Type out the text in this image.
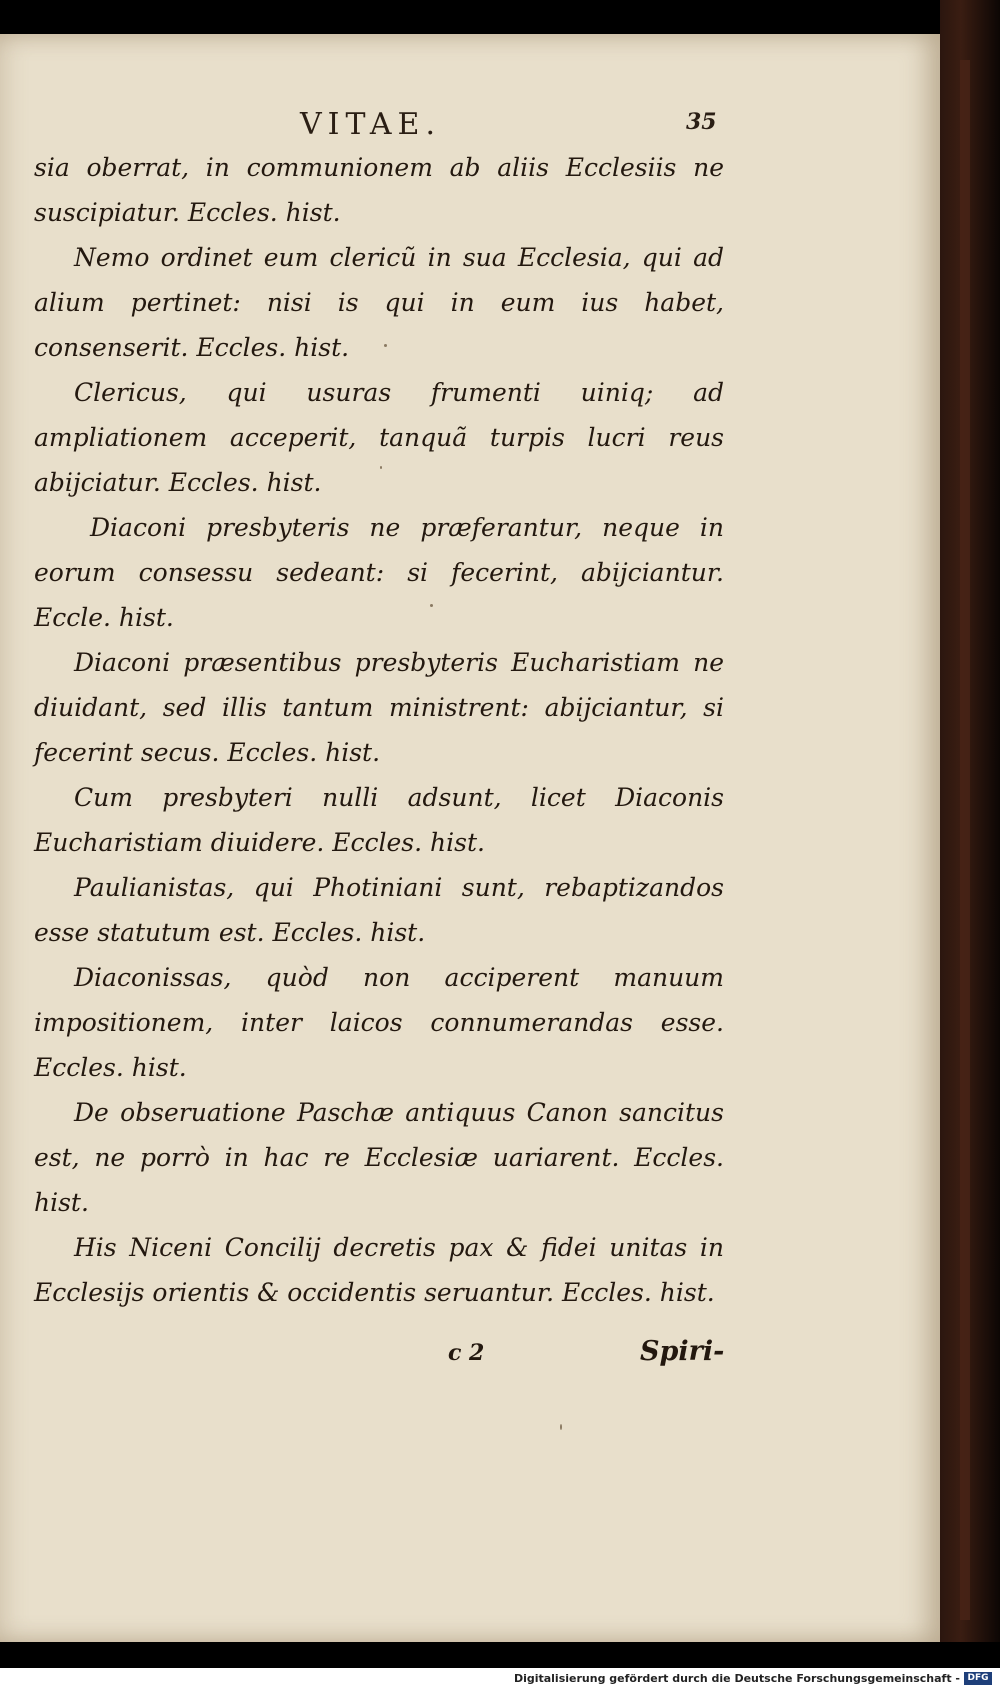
VITAE.	35

sia oberrat, in communionem ab aliis Ecclesiis ne suscipiatur. Eccles. hist.

Nemo ordinet eum clericũ in sua Ecclesia, qui ad alium pertinet: nisi is qui in eum ius habet, consenserit. Eccles. hist.

Clericus, qui usuras frumenti uiniq; ad ampliationem acceperit, tanquã turpis lucri reus abijciatur. Eccles. hist.

Diaconi presbyteris ne præferantur, neque in eorum consessu sedeant: si fecerint, abijciantur. Eccle. hist.

Diaconi præsentibus presbyteris Eucharistiam ne diuidant, sed illis tantum ministrent: abijciantur, si fecerint secus. Eccles. hist.

Cum presbyteri nulli adsunt, licet Diaconis Eucharistiam diuidere. Eccles. hist.

Paulianistas, qui Photiniani sunt, rebaptizandos esse statutum est. Eccles. hist.

Diaconissas, quòd non acciperent manuum impositionem, inter laicos connumerandas esse. Eccles. hist.

De obseruatione Paschæ antiquus Canon sancitus est, ne porrò in hac re Ecclesiæ uariarent. Eccles. hist.

His Niceni Concilij decretis pax & fidei unitas in Ecclesijs orientis & occidentis seruantur. Eccles. hist.

c 2	Spiri-
Digitalisierung gefördert durch die Deutsche Forschungsgemeinschaft - DFG
